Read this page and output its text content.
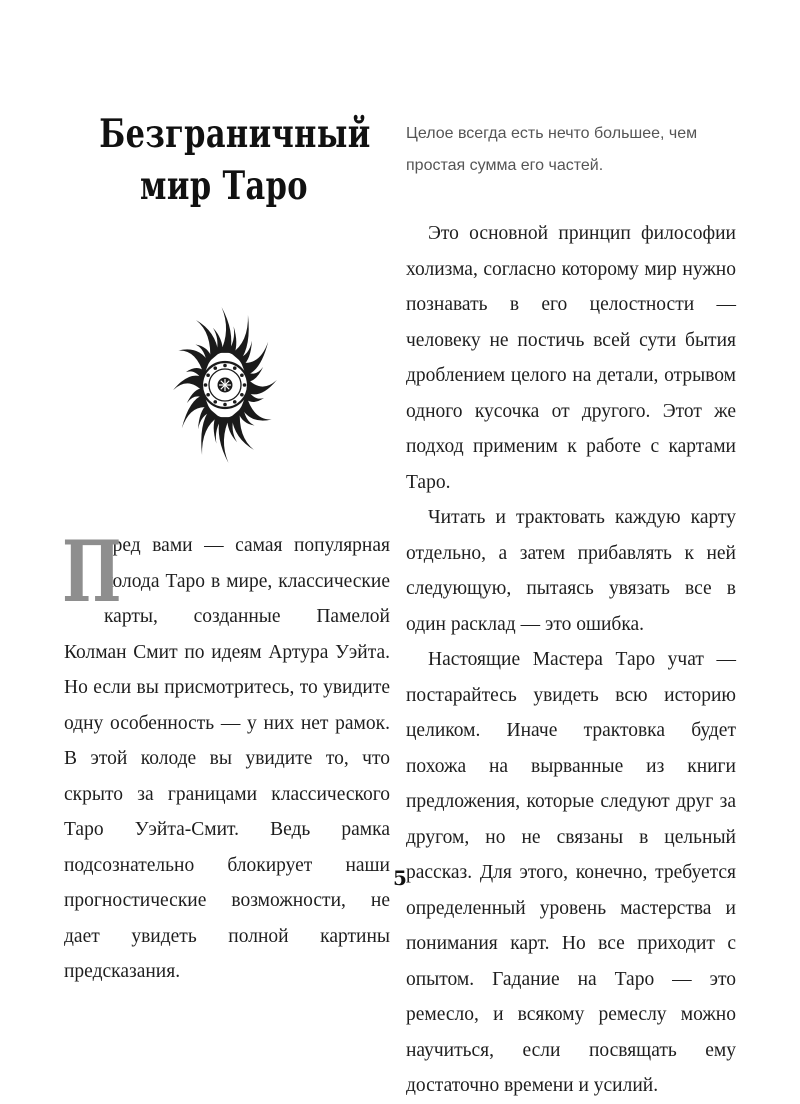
Безграничный
мир Таро

П
еред вами — самая популярная колода Таро в мире, классические карты, созданные Памелой Колман Смит по идеям Артура Уэйта. Но если вы присмотритесь, то увидите одну особенность — у них нет рамок. В этой колоде вы увидите то, что скрыто за границами классического Таро Уэйта-Смит. Ведь рамка подсознательно блокирует наши прогностические возможности, не дает увидеть полной картины предсказания.

Целое всегда есть нечто большее, чем простая сумма его частей.

Это основной принцип философии холизма, согласно которому мир нужно познавать в его целостности — человеку не постичь всей сути бытия дроблением целого на детали, отрывом одного кусочка от другого. Этот же подход применим к работе с картами Таро.

Читать и трактовать каждую карту отдельно, а затем прибавлять к ней следующую, пытаясь увязать все в один расклад — это ошибка.

Настоящие Мастера Таро учат — постарайтесь увидеть всю историю целиком. Иначе трактовка будет похожа на вырванные из книги предложения, которые следуют друг за другом, но не связаны в цельный рассказ. Для этого, конечно, требуется определенный уровень мастерства и понимания карт. Но все приходит с опытом. Гадание на Таро — это ремесло, и всякому ремеслу можно научиться, если посвящать ему достаточно времени и усилий.

5
